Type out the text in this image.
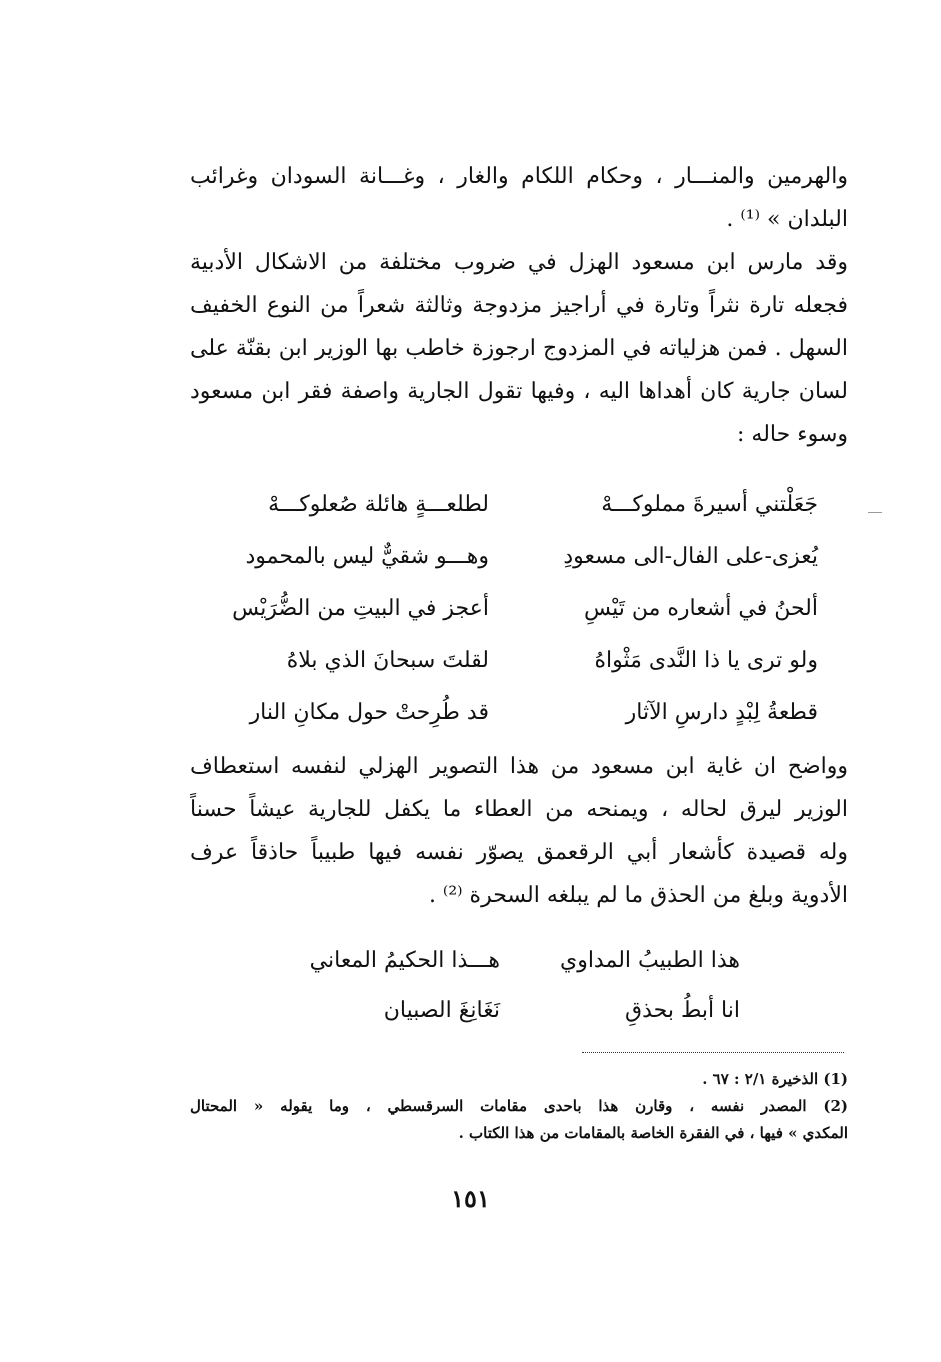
والهرمين والمنـــار ، وحكام اللكام والغار ، وغـــانة السودان وغرائب
البلدان » ⁽¹⁾ .
وقد مارس ابن مسعود الهزل في ضروب مختلفة من الاشكال الأدبية
فجعله تارة نثراً وتارة في أراجيز مزدوجة وثالثة شعراً من النوع الخفيف
السهل . فمن هزلياته في المزدوج ارجوزة خاطب بها الوزير ابن بقنّة على
لسان جارية كان أهداها اليه ، وفيها تقول الجارية واصفة فقر ابن مسعود
وسوء حاله :
جَعَلْتني أسيرةَ مملوكـــهْ
لطلعـــةٍ هائلة صُعلوكـــهْ
يُعزى-على الفال-الى مسعودِ
وهـــو شقيٌّ ليس بالمحمود
ألحنُ في أشعاره من تَيْسِ
أعجز في البيتِ من الضُّرَيْس
ولو ترى يا ذا النَّدى مَثْواهُ
لقلتَ سبحانَ الذي بلاهُ
قطعةُ لِبْدٍ دارسِ الآثار
قد طُرِحتْ حول مكانِ النار
وواضح ان غاية ابن مسعود من هذا التصوير الهزلي لنفسه استعطاف
الوزير ليرق لحاله ، ويمنحه من العطاء ما يكفل للجارية عيشاً حسناً
وله قصيدة كأشعار أبي الرقعمق يصوّر نفسه فيها طبيباً حاذقاً عرف
الأدوية وبلغ من الحذق ما لم يبلغه السحرة ⁽²⁾ .
هذا الطبيبُ المداوي
هـــذا الحكيمُ المعاني
انا أبطُ بحذقِ
نَغَانِغَ الصبيان
(1) الذخيرة ٢/١ : ٦٧ .
(2) المصدر نفسه ، وقارن هذا باحدى مقامات السرقسطي ، وما يقوله « المحتال
المكدي » فيها ، في الفقرة الخاصة بالمقامات من هذا الكتاب .
١٥١
